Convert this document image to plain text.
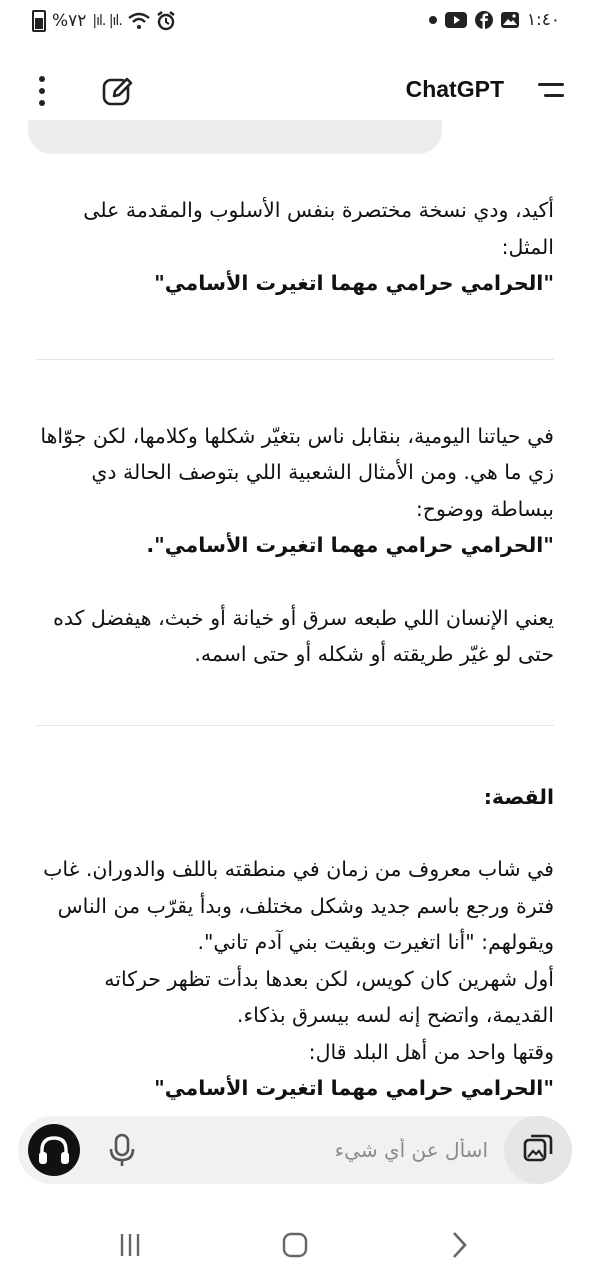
%٧٢ |ıl. |ıl.	١:٤٠
ChatGPT

أكيد، ودي نسخة مختصرة بنفس الأسلوب والمقدمة على المثل:

"الحرامي حرامي مهما اتغيرت الأسامي"

في حياتنا اليومية، بنقابل ناس بتغيّر شكلها وكلامها، لكن جوّاها زي ما هي. ومن الأمثال الشعبية اللي بتوصف الحالة دي ببساطة ووضوح:

"الحرامي حرامي مهما اتغيرت الأسامي".

يعني الإنسان اللي طبعه سرق أو خيانة أو خبث، هيفضل كده حتى لو غيّر طريقته أو شكله أو حتى اسمه.

القصة:

في شاب معروف من زمان في منطقته باللف والدوران. غاب فترة ورجع باسم جديد وشكل مختلف، وبدأ يقرّب من الناس ويقولهم: "أنا اتغيرت وبقيت بني آدم تاني".

أول شهرين كان كويس، لكن بعدها بدأت تظهر حركاته القديمة، واتضح إنه لسه بيسرق بذكاء.

وقتها واحد من أهل البلد قال:

"الحرامي حرامي مهما اتغيرت الأسامي"

اسأل عن أي شيء
